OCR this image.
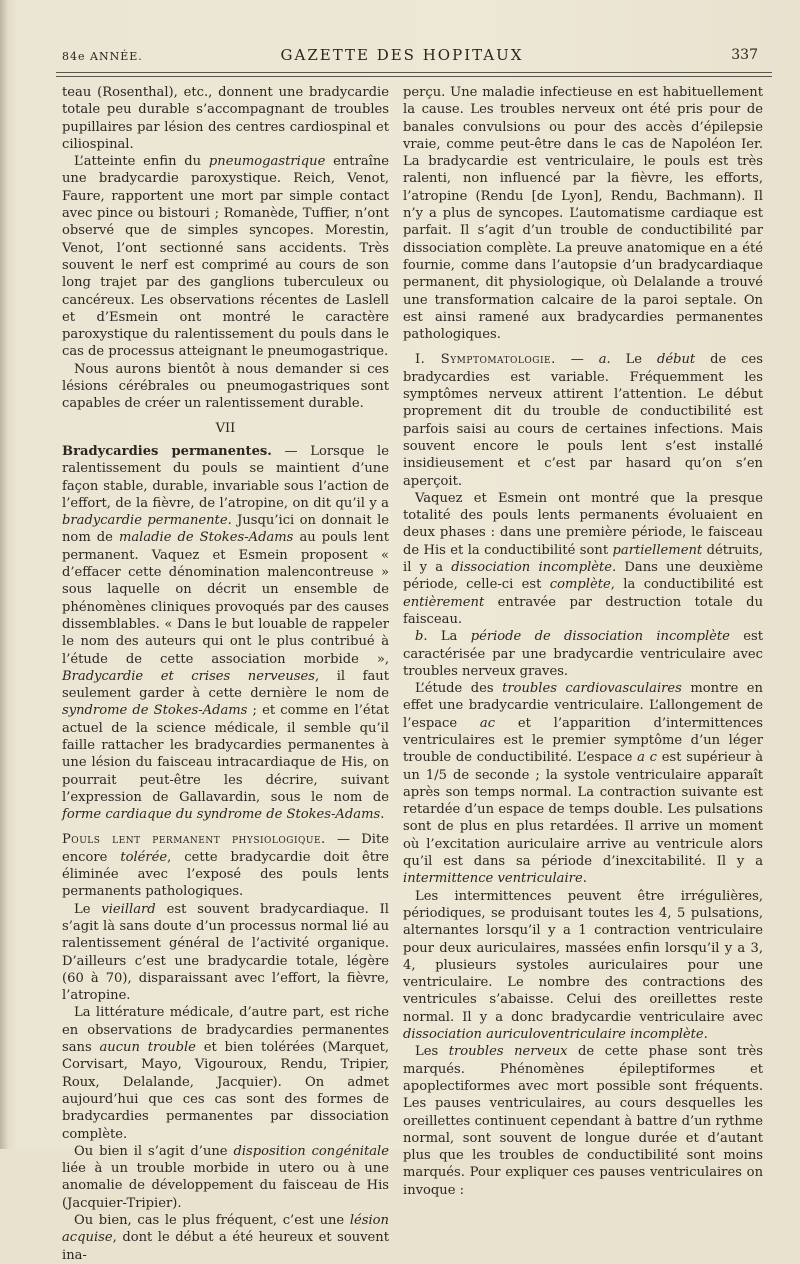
84e ANNÉE.	GAZETTE DES HOPITAUX	337

teau (Rosenthal), etc., donnent une bradycardie totale peu durable s’accompagnant de troubles pupillaires par lésion des centres cardiospinal et ciliospinal.

L’atteinte enfin du pneumogastrique entraîne une bradycardie paroxystique. Reich, Venot, Faure, rapportent une mort par simple contact avec pince ou bistouri ; Romanède, Tuffier, n’ont observé que de simples syncopes. Morestin, Venot, l’ont sectionné sans accidents. Très souvent le nerf est comprimé au cours de son long trajet par des ganglions tuberculeux ou cancéreux. Les observations récentes de Laslell et d’Esmein ont montré le caractère paroxystique du ralentissement du pouls dans le cas de processus atteignant le pneumogastrique.

Nous aurons bientôt à nous demander si ces lésions cérébrales ou pneumogastriques sont capables de créer un ralentissement durable.

VII

Bradycardies permanentes. — Lorsque le ralentissement du pouls se maintient d’une façon stable, durable, invariable sous l’action de l’effort, de la fièvre, de l’atropine, on dit qu’il y a bradycardie permanente. Jusqu’ici on donnait le nom de maladie de Stokes-Adams au pouls lent permanent. Vaquez et Esmein proposent « d’effacer cette dénomination malencontreuse » sous laquelle on décrit un ensemble de phénomènes cliniques provoqués par des causes dissemblables. « Dans le but louable de rappeler le nom des auteurs qui ont le plus contribué à l’étude de cette association morbide », Bradycardie et crises nerveuses, il faut seulement garder à cette dernière le nom de syndrome de Stokes-Adams ; et comme en l’état actuel de la science médicale, il semble qu’il faille rattacher les bradycardies permanentes à une lésion du faisceau intracardiaque de His, on pourrait peut-être les décrire, suivant l’expression de Gallavardin, sous le nom de forme cardiaque du syndrome de Stokes-Adams.

Pouls lent permanent physiologique. — Dite encore tolérée, cette bradycardie doit être éliminée avec l’exposé des pouls lents permanents pathologiques.

Le vieillard est souvent bradycardiaque. Il s’agit là sans doute d’un processus normal lié au ralentissement général de l’activité organique. D’ailleurs c’est une bradycardie totale, légère (60 à 70), disparaissant avec l’effort, la fièvre, l’atropine.

La littérature médicale, d’autre part, est riche en observations de bradycardies permanentes sans aucun trouble et bien tolérées (Marquet, Corvisart, Mayo, Vigouroux, Rendu, Tripier, Roux, Delalande, Jacquier). On admet aujourd’hui que ces cas sont des formes de bradycardies permanentes par dissociation complète.

Ou bien il s’agit d’une disposition congénitale liée à un trouble morbide in utero ou à une anomalie de développement du faisceau de His (Jacquier-Tripier).

Ou bien, cas le plus fréquent, c’est une lésion acquise, dont le début a été heureux et souvent ina-

perçu. Une maladie infectieuse en est habituellement la cause. Les troubles nerveux ont été pris pour de banales convulsions ou pour des accès d’épilepsie vraie, comme peut-être dans le cas de Napoléon Ier. La bradycardie est ventriculaire, le pouls est très ralenti, non influencé par la fièvre, les efforts, l’atropine (Rendu [de Lyon], Rendu, Bachmann). Il n’y a plus de syncopes. L’automatisme cardiaque est parfait. Il s’agit d’un trouble de conductibilité par dissociation complète. La preuve anatomique en a été fournie, comme dans l’autopsie d’un bradycardiaque permanent, dit physiologique, où Delalande a trouvé une transformation calcaire de la paroi septale. On est ainsi ramené aux bradycardies permanentes pathologiques.

I. Symptomatologie. — a. Le début de ces bradycardies est variable. Fréquemment les symptômes nerveux attirent l’attention. Le début proprement dit du trouble de conductibilité est parfois saisi au cours de certaines infections. Mais souvent encore le pouls lent s’est installé insidieusement et c’est par hasard qu’on s’en aperçoit.

Vaquez et Esmein ont montré que la presque totalité des pouls lents permanents évoluaient en deux phases : dans une première période, le faisceau de His et la conductibilité sont partiellement détruits, il y a dissociation incomplète. Dans une deuxième période, celle-ci est complète, la conductibilité est entièrement entravée par destruction totale du faisceau.

b. La période de dissociation incomplète est caractérisée par une bradycardie ventriculaire avec troubles nerveux graves.

L’étude des troubles cardiovasculaires montre en effet une bradycardie ventriculaire. L’allongement de l’espace ac et l’apparition d’intermittences ventriculaires est le premier symptôme d’un léger trouble de conductibilité. L’espace a c est supérieur à un 1/5 de seconde ; la systole ventriculaire apparaît après son temps normal. La contraction suivante est retardée d’un espace de temps double. Les pulsations sont de plus en plus retardées. Il arrive un moment où l’excitation auriculaire arrive au ventricule alors qu’il est dans sa période d’inexcitabilité. Il y a intermittence ventriculaire.

Les intermittences peuvent être irrégulières, périodiques, se produisant toutes les 4, 5 pulsations, alternantes lorsqu’il y a 1 contraction ventriculaire pour deux auriculaires, massées enfin lorsqu’il y a 3, 4, plusieurs systoles auriculaires pour une ventriculaire. Le nombre des contractions des ventricules s’abaisse. Celui des oreillettes reste normal. Il y a donc bradycardie ventriculaire avec dissociation auriculoventriculaire incomplète.

Les troubles nerveux de cette phase sont très marqués. Phénomènes épileptiformes et apoplectiformes avec mort possible sont fréquents. Les pauses ventriculaires, au cours desquelles les oreillettes continuent cependant à battre d’un rythme normal, sont souvent de longue durée et d’autant plus que les troubles de conductibilité sont moins marqués. Pour expliquer ces pauses ventriculaires on invoque :
